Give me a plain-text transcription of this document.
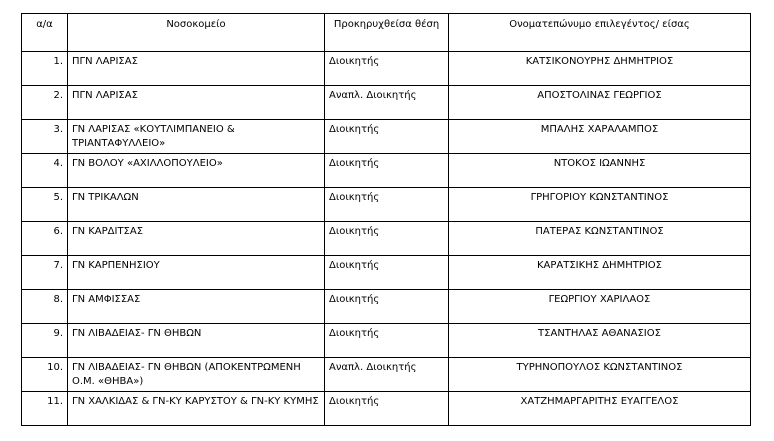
α/α	Νοσοκομείο	Προκηρυχθείσα θέση	Ονοματεπώνυμο επιλεγέντος/ είσας
1.	ΠΓΝ ΛΑΡΙΣΑΣ	Διοικητής	ΚΑΤΣΙΚΟΝΟΥΡΗΣ ΔΗΜΗΤΡΙΟΣ
2.	ΠΓΝ ΛΑΡΙΣΑΣ	Αναπλ. Διοικητής	ΑΠΟΣΤΟΛΙΝΑΣ ΓΕΩΡΓΙΟΣ
3.	ΓΝ ΛΑΡΙΣΑΣ «ΚΟΥΤΛΙΜΠΑΝΕΙΟ & ΤΡΙΑΝΤΑΦΥΛΛΕΙΟ»	Διοικητής	ΜΠΑΛΗΣ ΧΑΡΑΛΑΜΠΟΣ
4.	ΓΝ ΒΟΛΟΥ «ΑΧΙΛΛΟΠΟΥΛΕΙΟ»	Διοικητής	ΝΤΟΚΟΣ ΙΩΑΝΝΗΣ
5.	ΓΝ ΤΡΙΚΑΛΩΝ	Διοικητής	ΓΡΗΓΟΡΙΟΥ ΚΩΝΣΤΑΝΤΙΝΟΣ
6.	ΓΝ ΚΑΡΔΙΤΣΑΣ	Διοικητής	ΠΑΤΕΡΑΣ ΚΩΝΣΤΑΝΤΙΝΟΣ
7.	ΓΝ ΚΑΡΠΕΝΗΣΙΟΥ	Διοικητής	ΚΑΡΑΤΣΙΚΗΣ ΔΗΜΗΤΡΙΟΣ
8.	ΓΝ ΑΜΦΙΣΣΑΣ	Διοικητής	ΓΕΩΡΓΙΟΥ ΧΑΡΙΛΑΟΣ
9.	ΓΝ ΛΙΒΑΔΕΙΑΣ- ΓΝ ΘΗΒΩΝ	Διοικητής	ΤΣΑΝΤΗΛΑΣ ΑΘΑΝΑΣΙΟΣ
10.	ΓΝ ΛΙΒΑΔΕΙΑΣ- ΓΝ ΘΗΒΩΝ (ΑΠΟΚΕΝΤΡΩΜΕΝΗ Ο.Μ. «ΘΗΒΑ»)	Αναπλ. Διοικητής	ΤΥΡΗΝΟΠΟΥΛΟΣ ΚΩΝΣΤΑΝΤΙΝΟΣ
11.	ΓΝ ΧΑΛΚΙΔΑΣ & ΓΝ-ΚΥ ΚΑΡΥΣΤΟΥ & ΓΝ-ΚΥ ΚΥΜΗΣ	Διοικητής	ΧΑΤΖΗΜΑΡΓΑΡΙΤΗΣ ΕΥΑΓΓΕΛΟΣ
